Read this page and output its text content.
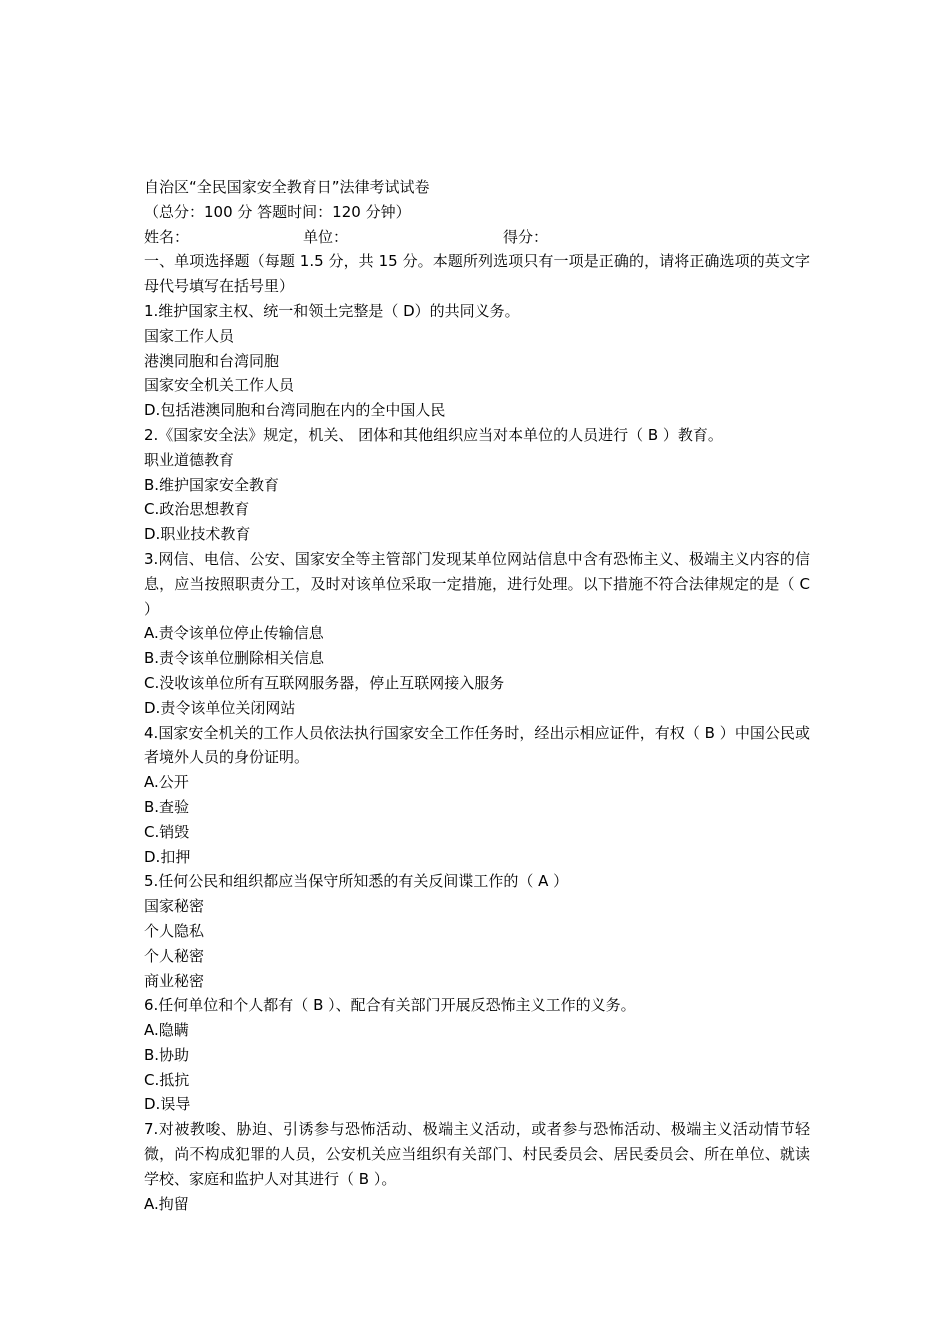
自治区“全民国家安全教育日”法律考试试卷
（总分：100 分 答题时间：120 分钟）
姓名：	单位：	得分：
一、单项选择题（每题 1.5 分，共 15 分。本题所列选项只有一项是正确的，请将正确选项的英文字母代号填写在括号里）
1.维护国家主权、统一和领土完整是（ D）的共同义务。
国家工作人员
港澳同胞和台湾同胞
国家安全机关工作人员
D.包括港澳同胞和台湾同胞在内的全中国人民
2.《国家安全法》规定，机关、 团体和其他组织应当对本单位的人员进行（ B ）教育。
职业道德教育
B.维护国家安全教育
C.政治思想教育
D.职业技术教育
3.网信、电信、公安、国家安全等主管部门发现某单位网站信息中含有恐怖主义、极端主义内容的信息，应当按照职责分工，及时对该单位采取一定措施，进行处理。以下措施不符合法律规定的是（ C ）
A.责令该单位停止传输信息
B.责令该单位删除相关信息
C.没收该单位所有互联网服务器，停止互联网接入服务
D.责令该单位关闭网站
4.国家安全机关的工作人员依法执行国家安全工作任务时，经出示相应证件，有权（ B ）中国公民或者境外人员的身份证明。
A.公开
B.查验
C.销毁
D.扣押
5.任何公民和组织都应当保守所知悉的有关反间谍工作的（ A ）
国家秘密
个人隐私
个人秘密
商业秘密
6.任何单位和个人都有（ B ）、配合有关部门开展反恐怖主义工作的义务。
A.隐瞒
B.协助
C.抵抗
D.误导
7.对被教唆、胁迫、引诱参与恐怖活动、极端主义活动，或者参与恐怖活动、极端主义活动情节轻微，尚不构成犯罪的人员，公安机关应当组织有关部门、村民委员会、居民委员会、所在单位、就读学校、家庭和监护人对其进行（ B ）。
A.拘留
